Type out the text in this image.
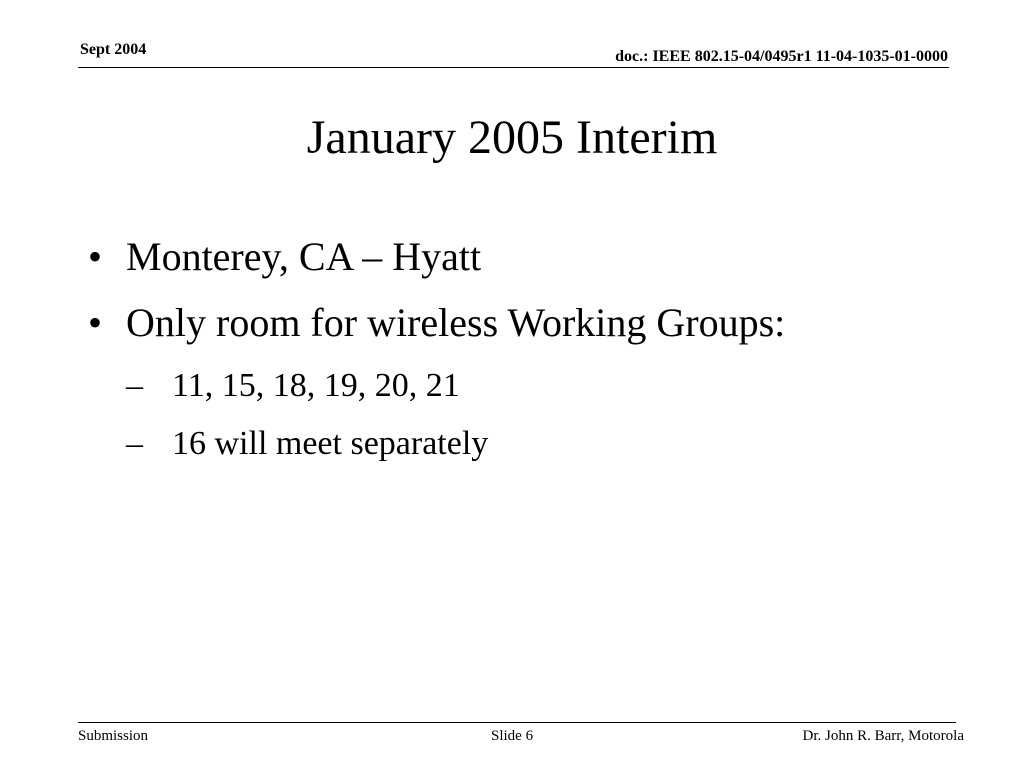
Sept 2004	doc.: IEEE 802.15-04/0495r1 11-04-1035-01-0000
January 2005 Interim
• Monterey, CA – Hyatt
• Only room for wireless Working Groups:
– 11, 15, 18, 19, 20, 21
– 16 will meet separately
Submission	Slide 6	Dr. John R. Barr, Motorola
